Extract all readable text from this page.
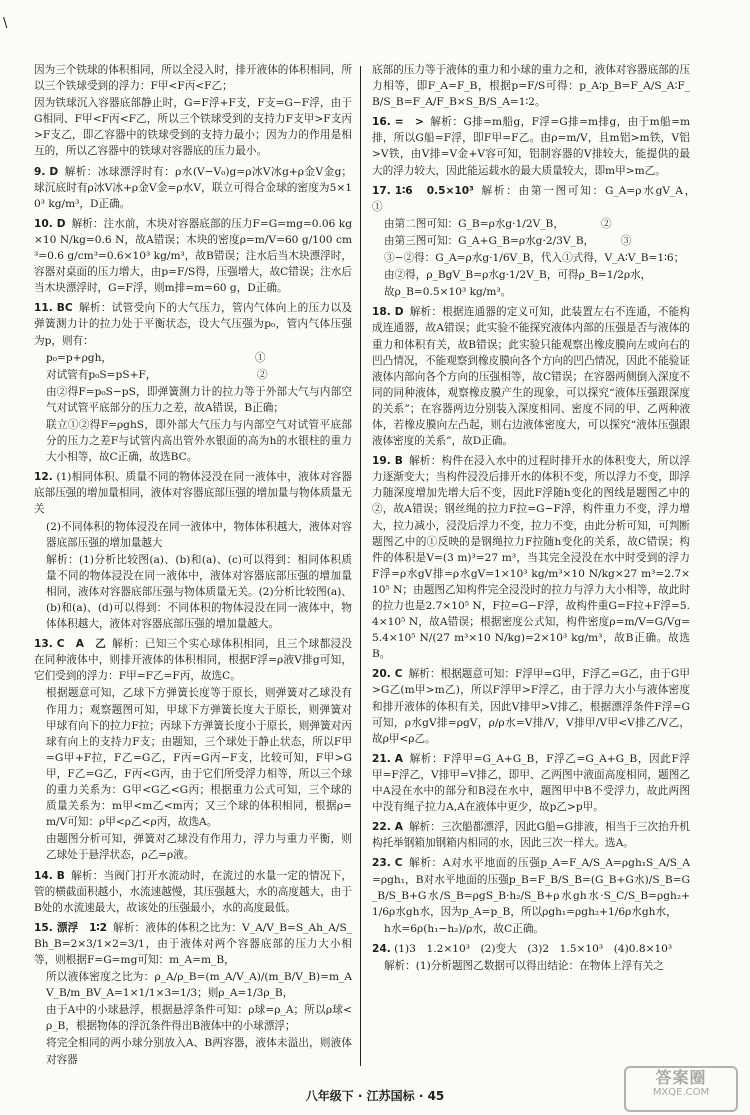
\

因为三个铁球的体积相同，所以全浸入时，排开液体的体积相同，所以三个铁球受到的浮力：F甲<F丙<F乙；

因为铁球沉入容器底部静止时，G=F浮+F支，F支=G−F浮，由于G相同、F甲<F丙<F乙，所以三个铁球受到的支持力F支甲>F支丙>F支乙，即乙容器中的铁球受到的支持力最小；因为力的作用是相互的，所以乙容器中的铁球对容器底的压力最小。

9. D 解析：冰球漂浮时有：ρ水(V−V₀)g=ρ冰V冰g+ρ金V金g；球沉底时有ρ冰V冰+ρ金V金=ρ水V，联立可得合金球的密度为5×10³ kg/m³，D正确。

10. D 解析：注水前，木块对容器底部的压力F=G=mg=0.06 kg×10 N/kg=0.6 N，故A错误；木块的密度ρ=m/V=60 g/100 cm³=0.6 g/cm³=0.6×10³ kg/m³，故B错误；注水后当木块漂浮时，容器对桌面的压力增大，由p=F/S得，压强增大，故C错误；注水后当木块漂浮时，G=F浮，则m排=m=60 g，D正确。

11. BC 解析：试管受向下的大气压力，管内气体向上的压力以及弹簧测力计的拉力处于平衡状态，设大气压强为p₀，管内气体压强为p，则有：

p₀=p+ρgh，　　　　　　　　　　　　　　①

对试管有p₀S=pS+F，　　　　　　　　　　②

由②得F=p₀S−pS，即弹簧测力计的拉力等于外部大气与内部空气对试管平底部分的压力之差，故A错误，B正确；

联立①②得F=ρghS，即外部大气压力与内部空气对试管平底部分的压力之差F与试管内高出管外水银面的高为h的水银柱的重力大小相等，故C正确，故选BC。

12. (1)相同体积、质量不同的物体浸没在同一液体中，液体对容器底部压强的增加量相同，液体对容器底部压强的增加量与物体质量无关

(2)不同体积的物体浸没在同一液体中，物体体积越大，液体对容器底部压强的增加量越大

解析：(1)分析比较图(a)、(b)和(a)、(c)可以得到：相同体积质量不同的物体浸没在同一液体中，液体对容器底部压强的增加量相同，液体对容器底部压强与物体质量无关。(2)分析比较图(a)、(b)和(a)、(d)可以得到：不同体积的物体浸没在同一液体中，物体体积越大，液体对容器底部压强的增加量越大。

13. C　A　乙 解析：已知三个实心球体积相同，且三个球都浸没在同种液体中，则排开液体的体积相同，根据F浮=ρ液V排g可知，它们受到的浮力：F甲=F乙=F丙，故选C。

根据题意可知，乙球下方弹簧长度等于原长，则弹簧对乙球没有作用力；观察题图可知，甲球下方弹簧长度大于原长，则弹簧对甲球有向下的拉力F拉；丙球下方弹簧长度小于原长，则弹簧对丙球有向上的支持力F支；由题知，三个球处于静止状态，所以F甲=G甲+F拉，F乙=G乙，F丙=G丙−F支，比较可知，F甲>G甲，F乙=G乙，F丙<G丙，由于它们所受浮力相等，所以三个球的重力关系为：G甲<G乙<G丙；根据重力公式可知，三个球的质量关系为：m甲<m乙<m丙；又三个球的体积相同，根据ρ=m/V可知：ρ甲<ρ乙<ρ丙，故选A。

由题图分析可知，弹簧对乙球没有作用力，浮力与重力平衡，则乙球处于悬浮状态，ρ乙=ρ液。

14. B 解析：当阀门打开水流动时，在流过的水量一定的情况下，管的横截面积越小，水流速越慢，其压强越大，水的高度越大，由于B处的水流速最大，故该处的压强最小，水的高度最低。

15. 漂浮　1∶2 解析：液体的体积之比为：V_A/V_B=S_Ah_A/S_Bh_B=2×3/1×2=3/1，由于液体对两个容器底部的压力大小相等，则根据F=G=mg可知：m_A=m_B，

所以液体密度之比为：ρ_A/ρ_B=(m_A/V_A)/(m_B/V_B)=m_AV_B/m_BV_A=1×1/1×3=1/3；则ρ_A=1/3ρ_B，

由于A中的小球悬浮，根据悬浮条件可知：ρ球=ρ_A；所以ρ球<ρ_B，根据物体的浮沉条件得出B液体中的小球漂浮；

将完全相同的两小球分别放入A、B两容器，液体未溢出，则液体对容器

底部的压力等于液体的重力和小球的重力之和，液体对容器底部的压力相等，即F_A=F_B，根据p=F/S可得：p_A∶p_B=F_A/S_A∶F_B/S_B=F_A/F_B×S_B/S_A=1∶2。

16. =　> 解析：G排=m船g，F浮=G排=m排g，由于m船=m排，所以G船=F浮，即F甲=F乙。由ρ=m/V，且m铝>m铁，V铝>V铁，由V排=V金+V容可知，铝制容器的V排较大，能提供的最大的浮力较大，因此能运载水的最大质量较大，即m甲>m乙。

17. 1∶6　0.5×10³ 解析：由第一图可知：G_A=ρ水gV_A，　　　　①

由第二图可知：G_B=ρ水g·1/2V_B，　　　　②

由第三图可知：G_A+G_B=ρ水g·2/3V_B，　　　③

③−②得：G_A=ρ水g·1/6V_B，代入①式得，V_A∶V_B=1∶6；

由②得，ρ_BgV_B=ρ水g·1/2V_B，可得ρ_B=1/2ρ水，

故ρ_B=0.5×10³ kg/m³。

18. D 解析：根据连通器的定义可知，此装置左右不连通，不能构成连通器，故A错误；此实验不能探究液体内部的压强是否与液体的重力和体积有关，故B错误；此实验只能观察出橡皮膜向左或向右的凹凸情况，不能观察到橡皮膜向各个方向的凹凸情况，因此不能验证液体内部向各个方向的压强相等，故C错误；在容器两侧倒入深度不同的同种液体，观察橡皮膜产生的现象，可以探究“液体压强跟深度的关系”；在容器两边分别装入深度相同、密度不同的甲、乙两种液体，若橡皮膜向左凸起，则右边液体密度大，可以探究“液体压强跟液体密度的关系”，故D正确。

19. B 解析：构件在浸入水中的过程时排开水的体积变大，所以浮力逐渐变大；当构件浸没后排开水的体积不变，所以浮力不变，即浮力随深度增加先增大后不变，因此F浮随h变化的图线是题图乙中的②，故A错误；钢丝绳的拉力F拉=G−F浮，构件重力不变，浮力增大，拉力减小，浸没后浮力不变，拉力不变，由此分析可知，可判断题图乙中的①反映的是钢绳拉力F拉随h变化的关系，故C错误；构件的体积是V=(3 m)³=27 m³，当其完全浸没在水中时受到的浮力F浮=ρ水gV排=ρ水gV=1×10³ kg/m³×10 N/kg×27 m³=2.7×10⁵ N；由题图乙知构件完全浸没时的拉力与浮力大小相等，故此时的拉力也是2.7×10⁵ N，F拉=G−F浮，故构件重G=F拉+F浮=5.4×10⁵ N，故A错误；根据密度公式知，构件密度ρ=m/V=G/Vg=5.4×10⁵ N/(27 m³×10 N/kg)=2×10³ kg/m³，故B正确。故选B。

20. C 解析：根据题意可知：F浮甲=G甲，F浮乙=G乙，由于G甲>G乙(m甲>m乙)，所以F浮甲>F浮乙，由于浮力大小与液体密度和排开液体的体积有关，因此V排甲>V排乙，根据漂浮条件F浮=G可知，ρ水gV排=ρgV，ρ/ρ水=V排/V，V排甲/V甲<V排乙/V乙，故ρ甲<ρ乙。

21. A 解析：F浮甲=G_A+G_B，F浮乙=G_A+G_B，因此F浮甲=F浮乙，V排甲=V排乙，即甲、乙两图中液面高度相同，题图乙中A浸在水中的部分和B浸在水中，题图甲中B不受浮力，故此两图中没有绳子拉力A,A在液体中更少，故p乙>p甲。

22. A 解析：三次船都漂浮，因此G船=G排液，相当于三次抬升机构托举钢箱加钢箱内相同的水，因此三次一样大。选A。

23. C 解析：A对水平地面的压强p_A=F_A/S_A=ρgh₁S_A/S_A=ρgh₁，B对水平地面的压强p_B=F_B/S_B=(G_B+G水)/S_B=G_B/S_B+G水/S_B=ρgS_B·h₂/S_B+ρ水gh水·S_C/S_B=ρgh₂+1/6ρ水gh水，因为p_A=p_B，所以ρgh₁=ρgh₂+1/6ρ水gh水，

h水=6ρ(h₁−h₂)/ρ水，故C正确。

24. (1)3　1.2×10³　(2)变大　(3)2　1.5×10³　(4)0.8×10³

解析：(1)分析题图乙数据可以得出结论：在物体上浮有关之

八年级下 · 江苏国标 · 45
答案圈
MXQE.COM
